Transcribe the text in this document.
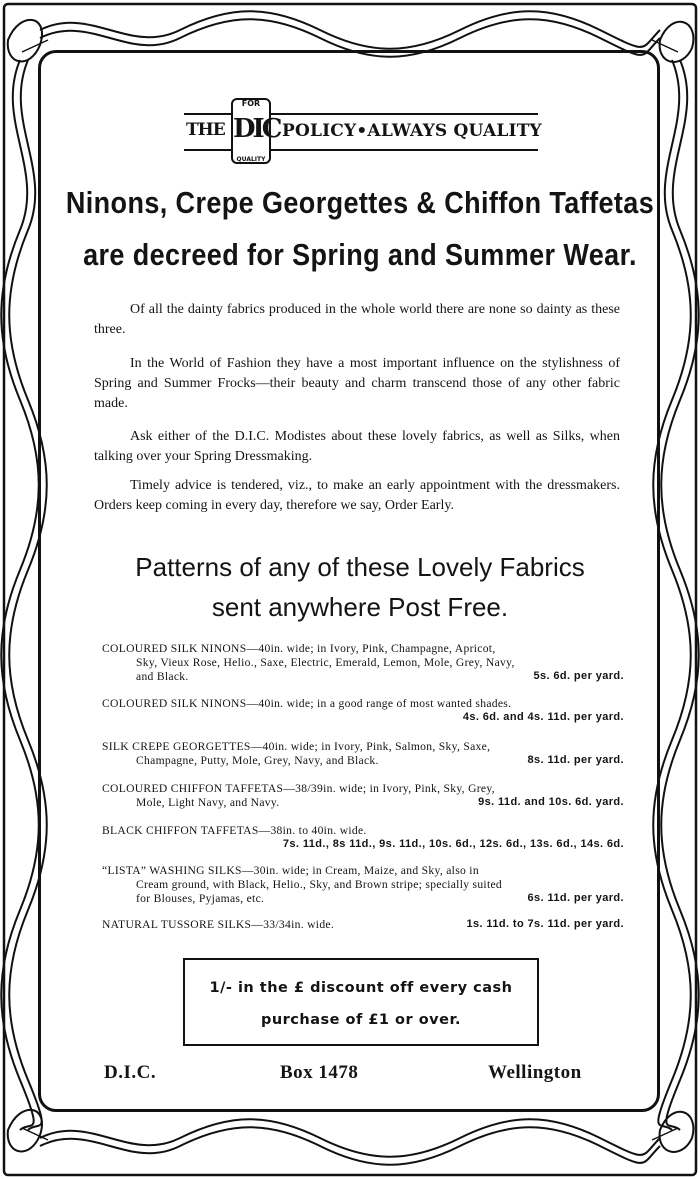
THE
FOR
DIC
QUALITY
POLICY•ALWAYS QUALITY
Ninons, Crepe Georgettes & Chiffon Taffetas
are decreed for Spring and Summer Wear.
Of all the dainty fabrics produced in the whole world there are none so dainty as these three.
In the World of Fashion they have a most important influence on the stylishness of Spring and Summer Frocks—their beauty and charm transcend those of any other fabric made.
Ask either of the D.I.C. Modistes about these lovely fabrics, as well as Silks, when talking over your Spring Dressmaking.
Timely advice is tendered, viz., to make an early appointment with the dressmakers. Orders keep coming in every day, therefore we say, Order Early.
Patterns of any of these Lovely Fabrics
sent anywhere Post Free.
COLOURED SILK NINONS—40in. wide; in Ivory, Pink, Champagne, Apricot,
Sky, Vieux Rose, Helio., Saxe, Electric, Emerald, Lemon, Mole, Grey, Navy,
and Black.	5s. 6d. per yard.
COLOURED SILK NINONS—40in. wide; in a good range of most wanted shades.
4s. 6d. and 4s. 11d. per yard.
SILK CREPE GEORGETTES—40in. wide; in Ivory, Pink, Salmon, Sky, Saxe,
Champagne, Putty, Mole, Grey, Navy, and Black.	8s. 11d. per yard.
COLOURED CHIFFON TAFFETAS—38/39in. wide; in Ivory, Pink, Sky, Grey,
Mole, Light Navy, and Navy.	9s. 11d. and 10s. 6d. yard.
BLACK CHIFFON TAFFETAS—38in. to 40in. wide.
7s. 11d., 8s 11d., 9s. 11d., 10s. 6d., 12s. 6d., 13s. 6d., 14s. 6d.
“LISTA” WASHING SILKS—30in. wide; in Cream, Maize, and Sky, also in
Cream ground, with Black, Helio., Sky, and Brown stripe; specially suited
for Blouses, Pyjamas, etc.	6s. 11d. per yard.
NATURAL TUSSORE SILKS—33/34in. wide.	1s. 11d. to 7s. 11d. per yard.
1/- in the £ discount off every cash
purchase of £1 or over.
D.I.C.	Box 1478	Wellington
